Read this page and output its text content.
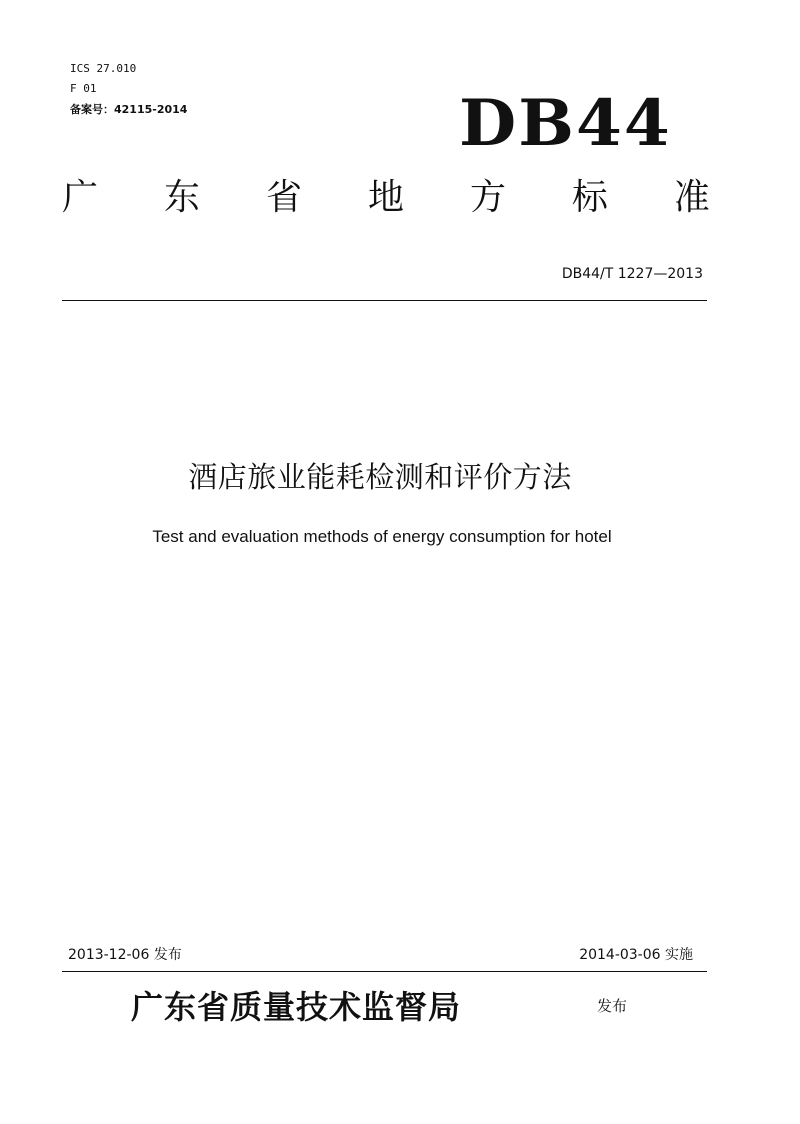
ICS 27.010
F 01
备案号：42115-2014	DB44
广 东 省 地 方 标 准
DB44/T 1227—2013
酒店旅业能耗检测和评价方法
Test and evaluation methods of energy consumption for hotel
2013-12-06 发布	2014-03-06 实施
广东省质量技术监督局	发布
